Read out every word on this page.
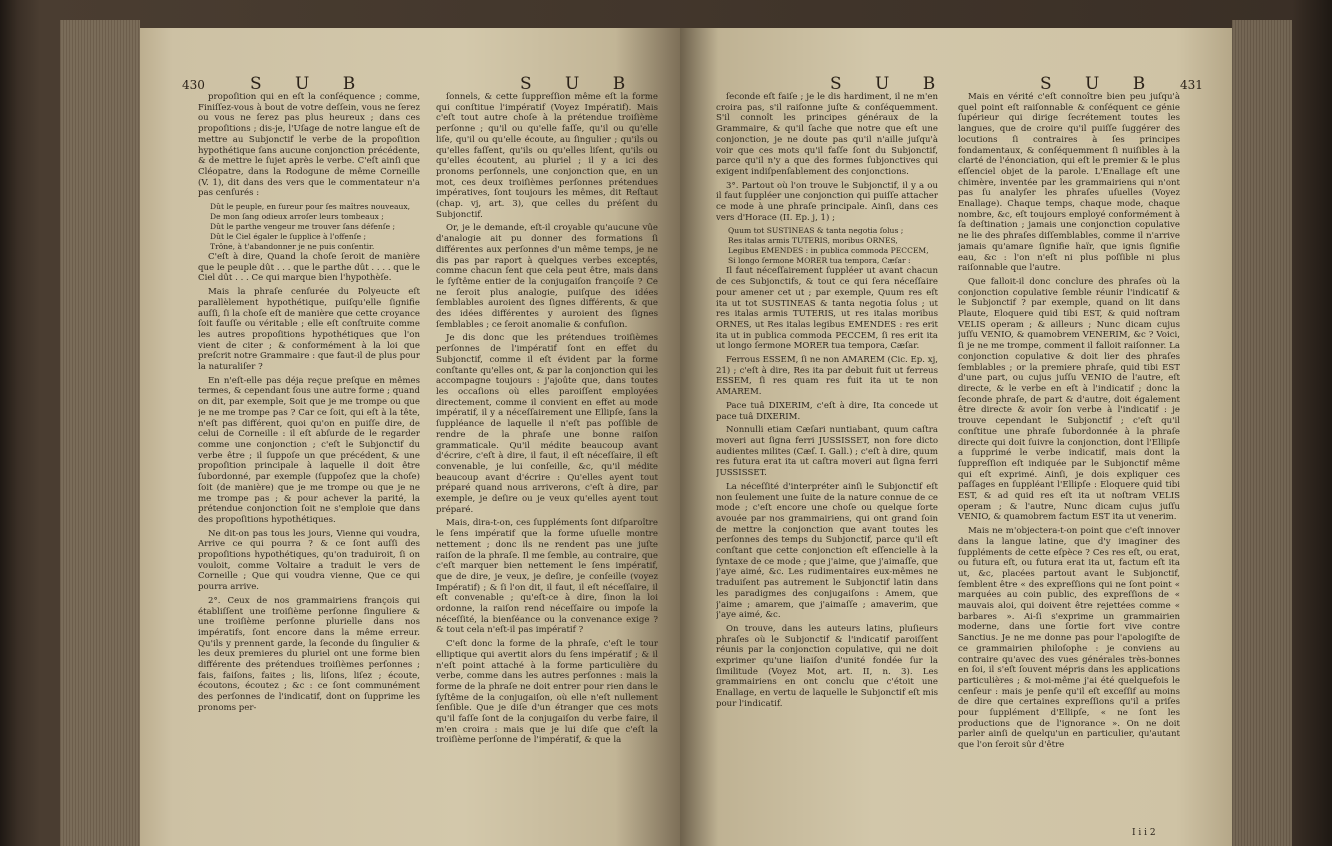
430	S U B	S U B

propoſition qui en eſt la conſéquence ; comme, Finiſſez-vous à bout de votre deſſein, vous ne ſerez ou vous ne ſerez pas plus heureux ; dans ces propoſitions ; dis-je, l'Uſage de notre langue eſt de mettre au Subjonctif le verbe de la propoſition hypothétique ſans aucune conjonction précédente, & de mettre le ſujet après le verbe. C'eſt ainſi que Cléopatre, dans la Rodogune de même Corneille (V. 1), dit dans des vers que le commentateur n'a pas cenſurés :

Dût le peuple, en fureur pour ſes maîtres nouveaux,

De mon ſang odieux arroſer leurs tombeaux ;

Dût le parthe vengeur me trouver ſans défenſe ;

Dût le Ciel égaler le ſupplice à l'offenſe ;

Trône, à t'abandonner je ne puis conſentir.

C'eſt à dire, Quand la choſe ſeroit de manière que le peuple dût . . . que le parthe dût . . . . que le Ciel dût . . . Ce qui marque bien l'hypothèſe.

Mais la phraſe cenſurée du Polyeucte eſt parallèlement hypothétique, puiſqu'elle ſignifie auſſi, ſi la choſe eſt de manière que cette croyance ſoit fauſſe ou véritable ; elle eſt conſtruite comme les autres propoſitions hypothétiques que l'on vient de citer ; & conformément à la loi que preſcrit notre Grammaire : que faut-il de plus pour la naturaliſer ?

En n'eſt-elle pas déja reçue preſque en mêmes termes, & cependant ſous une autre forme ; quand on dit, par exemple, Soit que je me trompe ou que je ne me trompe pas ? Car ce ſoit, qui eſt à la tête, n'eſt pas différent, quoi qu'on en puiſſe dire, de celui de Corneille : il eſt abſurde de le regarder comme une conjonction ; c'eſt le Subjonctif du verbe être ; il ſuppoſe un que précédent, & une propoſition principale à laquelle il doit être ſubordonné, par exemple (ſuppoſez que la choſe) ſoit (de manière) que je me trompe ou que je ne me trompe pas ; & pour achever la parité, la prétendue conjonction ſoit ne s'emploie que dans des propoſitions hypothétiques.

Ne dit-on pas tous les jours, Vienne qui voudra, Arrive ce qui pourra ? & ce ſont auſſi des propoſitions hypothétiques, qu'on traduiroit, ſi on vouloit, comme Voltaire a traduit le vers de Corneille ; Que qui voudra vienne, Que ce qui pourra arrive.

2°. Ceux de nos grammairiens françois qui établiſſent une troiſième perſonne ſinguliere & une troiſième perſonne plurielle dans nos impératifs, ſont encore dans la même erreur. Qu'ils y prennent garde, la ſeconde du ſingulier & les deux premieres du pluriel ont une forme bien différente des prétendues troiſièmes perſonnes ; fais, faiſons, faites ; lis, liſons, liſez ; écoute, écoutons, écoutez ; &c : ce ſont communément des perſonnes de l'indicatif, dont on ſupprime les pronoms per-

ſonnels, & cette ſuppreſſion même eſt la forme qui conſtitue l'impératif (Voyez Impératif). Mais c'eſt tout autre choſe à la prétendue troiſième perſonne ; qu'il ou qu'elle faſſe, qu'il ou qu'elle liſe, qu'il ou qu'elle écoute, au ſingulier ; qu'ils ou qu'elles faſſent, qu'ils ou qu'elles liſent, qu'ils ou qu'elles écoutent, au pluriel ; il y a ici des pronoms perſonnels, une conjonction que, en un mot, ces deux troiſièmes perſonnes prétendues impératives, ſont toujours les mêmes, dit Reſtaut (chap. vj, art. 3), que celles du préſent du Subjonctif.

Or, je le demande, eſt-il croyable qu'aucune vûe d'analogie ait pu donner des formations ſi différentes aux perſonnes d'un même temps, je ne dis pas par raport à quelques verbes exceptés, comme chacun ſent que cela peut être, mais dans le ſyſtême entier de la conjugaiſon françoiſe ? Ce ne ſeroit plus analogie, puiſque des idées ſemblables auroient des ſignes différents, & que des idées différentes y auroient des ſignes ſemblables ; ce ſeroit anomalie & confuſion.

Je dis donc que les prétendues troiſièmes perſonnes de l'impératif ſont en effet du Subjonctif, comme il eſt évident par la forme conſtante qu'elles ont, & par la conjonction qui les accompagne toujours : j'ajoûte que, dans toutes les occaſions où elles paroiſſent employées directement, comme il convient en effet au mode impératif, il y a néceſſairement une Ellipſe, ſans la ſuppléance de laquelle il n'eſt pas poſſible de rendre de la phraſe une bonne raiſon grammaticale. Qu'il médite beaucoup avant d'écrire, c'eſt à dire, il faut, il eſt néceſſaire, il eſt convenable, je lui conſeille, &c, qu'il médite beaucoup avant d'écrire : Qu'elles ayent tout préparé quand nous arriverons, c'eſt à dire, par exemple, je deſire ou je veux qu'elles ayent tout préparé.

Mais, dira-t-on, ces ſuppléments ſont diſparoître le ſens impératif que la forme uſuelle montre nettement ; donc ils ne rendent pas une juſte raiſon de la phraſe. Il me ſemble, au contraire, que c'eſt marquer bien nettement le ſens impératif, que de dire, je veux, je deſire, je conſeille (voyez Impératif) ; & ſi l'on dit, il faut, il eſt néceſſaire, il eſt convenable ; qu'eſt-ce à dire, ſinon la loi ordonne, la raiſon rend néceſſaire ou impoſe la néceſſité, la bienſéance ou la convenance exige ? & tout cela n'eſt-il pas impératif ?

C'eſt donc la forme de la phraſe, c'eſt le tour elliptique qui avertit alors du ſens impératif ; & il n'eſt point attaché à la forme particulière du verbe, comme dans les autres perſonnes : mais la forme de la phraſe ne doit entrer pour rien dans le ſyſtême de la conjugaiſon, où elle n'eſt nullement ſenſible. Que je diſe d'un étranger que ces mots qu'il faſſe ſont de la conjugaiſon du verbe faire, il m'en croira : mais que je lui diſe que c'eſt la troiſième perſonne de l'impératif, & que la

S U B	S U B 431

ſeconde eſt faiſe ; je le dis hardiment, il ne m'en croira pas, s'il raiſonne juſte & conſéquemment. S'il connoît les principes généraux de la Grammaire, & qu'il ſache que notre que eſt une conjonction, je ne doute pas qu'il n'aille juſqu'à voir que ces mots qu'il faſſe ſont du Subjonctif, parce qu'il n'y a que des formes ſubjonctives qui exigent indiſpenſablement des conjonctions.

3°. Partout où l'on trouve le Subjonctif, il y a ou il faut ſuppléer une conjonction qui puiſſe attacher ce mode à une phraſe principale. Ainſi, dans ces vers d'Horace (II. Ep. j, 1) ;

Quum tot SUSTINEAS & tanta negotia ſolus ;

Res italas armis TUTERIS, moribus ORNES,

Legibus EMENDES : in publica commoda PECCEM,

Si longo ſermone MORER tua tempora, Cæſar :

Il faut néceſſairement ſuppléer ut avant chacun de ces Subjonctifs, & tout ce qui ſera néceſſaire pour amener cet ut ; par exemple, Quum res eſt ita ut tot SUSTINEAS & tanta negotia ſolus ; ut res italas armis TUTERIS, ut res italas moribus ORNES, ut Res italas legibus EMENDES : res erit ita ut in publica commoda PECCEM, ſi res erit ita ut longo ſermone MORER tua tempora, Cæſar.

Ferrous ESSEM, ſi ne non AMAREM (Cic. Ep. xj, 21) ; c'eſt à dire, Res ita par debuit fuit ut ferreus ESSEM, ſi res quam res fuit ita ut te non AMAREM.

Pace tuâ DIXERIM, c'eſt à dire, Ita concede ut pace tuâ DIXERIM.

Nonnulli etiam Cæſari nuntiabant, quum caſtra moveri aut ſigna ferri JUSSISSET, non fore dicto audientes milites (Cæſ. I. Gall.) ; c'eſt à dire, quum res futura erat ita ut caſtra moveri aut ſigna ferri JUSSISSET.

La néceſſité d'interpréter ainſi le Subjonctif eſt non ſeulement une ſuite de la nature connue de ce mode ; c'eſt encore une choſe ou quelque ſorte avouée par nos grammairiens, qui ont grand ſoin de mettre la conjonction que avant toutes les perſonnes des temps du Subjonctif, parce qu'il eſt conſtant que cette conjonction eſt eſſencielle à la ſyntaxe de ce mode ; que j'aime, que j'aimaſſe, que j'aye aimé, &c. Les rudimentaires eux-mêmes ne traduiſent pas autrement le Subjonctif latin dans les paradigmes des conjugaiſons : Amem, que j'aime ; amarem, que j'aimaſſe ; amaverim, que j'aye aimé, &c.

On trouve, dans les auteurs latins, pluſieurs phraſes où le Subjonctif & l'indicatif paroiſſent réunis par la conjonction copulative, qui ne doit exprimer qu'une liaiſon d'unité fondée ſur la ſimilitude (Voyez Mot, art. II, n. 3). Les grammairiens en ont conclu que c'étoit une Enallage, en vertu de laquelle le Subjonctif eſt mis pour l'indicatif.

Mais en vérité c'eſt connoître bien peu juſqu'à quel point eſt raiſonnable & conſéquent ce génie ſupérieur qui dirige ſecrétement toutes les langues, que de croire qu'il puiſſe ſuggérer des locutions ſi contraires à ſes principes fondamentaux, & conſéquemment ſi nuiſibles à la clarté de l'énonciation, qui eſt le premier & le plus eſſenciel objet de la parole. L'Enallage eſt une chimère, inventée par les grammairiens qui n'ont pas ſu analyſer les phraſes uſuelles (Voyez Enallage). Chaque temps, chaque mode, chaque nombre, &c, eſt toujours employé conformément à ſa deſtination ; jamais une conjonction copulative ne lie des phraſes diſſemblables, comme il n'arrive jamais qu'amare ſignifie haïr, que ignis ſignifie eau, &c : l'on n'eſt ni plus poſſible ni plus raiſonnable que l'autre.

Que falloit-il donc conclure des phraſes où la conjonction copulative ſemble réunir l'indicatif & le Subjonctif ? par exemple, quand on lit dans Plaute, Eloquere quid tibi EST, & quid noſtram VELIS operam ; & ailleurs ; Nunc dicam cujus juſſu VENIO, & quamobrem VENERIM, &c ? Voici, ſi je ne me trompe, comment il falloit raiſonner. La conjonction copulative & doit lier des phraſes ſemblables ; or la premiere phraſe, quid tibi EST d'une part, ou cujus juſſu VENIO de l'autre, eſt directe, & le verbe en eſt à l'indicatif ; donc la ſeconde phraſe, de part & d'autre, doit également être directe & avoir ſon verbe à l'indicatif : je trouve cependant le Subjonctif ; c'eſt qu'il conſtitue une phraſe ſubordonnée à la phraſe directe qui doit ſuivre la conjonction, dont l'Ellipſe a ſupprimé le verbe indicatif, mais dont la ſuppreſſion eſt indiquée par le Subjonctif même qui eſt exprimé. Ainſi, je dois expliquer ces paſſages en ſuppléant l'Ellipſe : Eloquere quid tibi EST, & ad quid res eſt ita ut noſtram VELIS operam ; & l'autre, Nunc dicam cujus juſſu VENIO, & quamobrem factum EST ita ut venerim.

Mais ne m'objectera-t-on point que c'eſt innover dans la langue latine, que d'y imaginer des ſuppléments de cette eſpèce ? Ces res eſt, ou erat, ou futura eſt, ou futura erat ita ut, factum eſt ita ut, &c, placées partout avant le Subjonctif, ſemblent être « des expreſſions qui ne ſont point « marquées au coin public, des expreſſions de « mauvais aloi, qui doivent être rejettées comme « barbares ». Ai-ſi s'exprime un grammairien moderne, dans une ſortie fort vive contre Sanctius. Je ne me donne pas pour l'apologiſte de ce grammairien philoſophe : je conviens au contraire qu'avec des vues générales très-bonnes en ſoi, il s'eſt ſouvent mépris dans les applications particulières ; & moi-même j'ai été quelquefois le cenſeur : mais je penſe qu'il eſt exceſſif au moins de dire que certaines expreſſions qu'il a priſes pour ſupplément d'Ellipſe, « ne ſont les productions que de l'ignorance ». On ne doit parler ainſi de quelqu'un en particulier, qu'autant que l'on ſeroit sûr d'être

I i i 2
